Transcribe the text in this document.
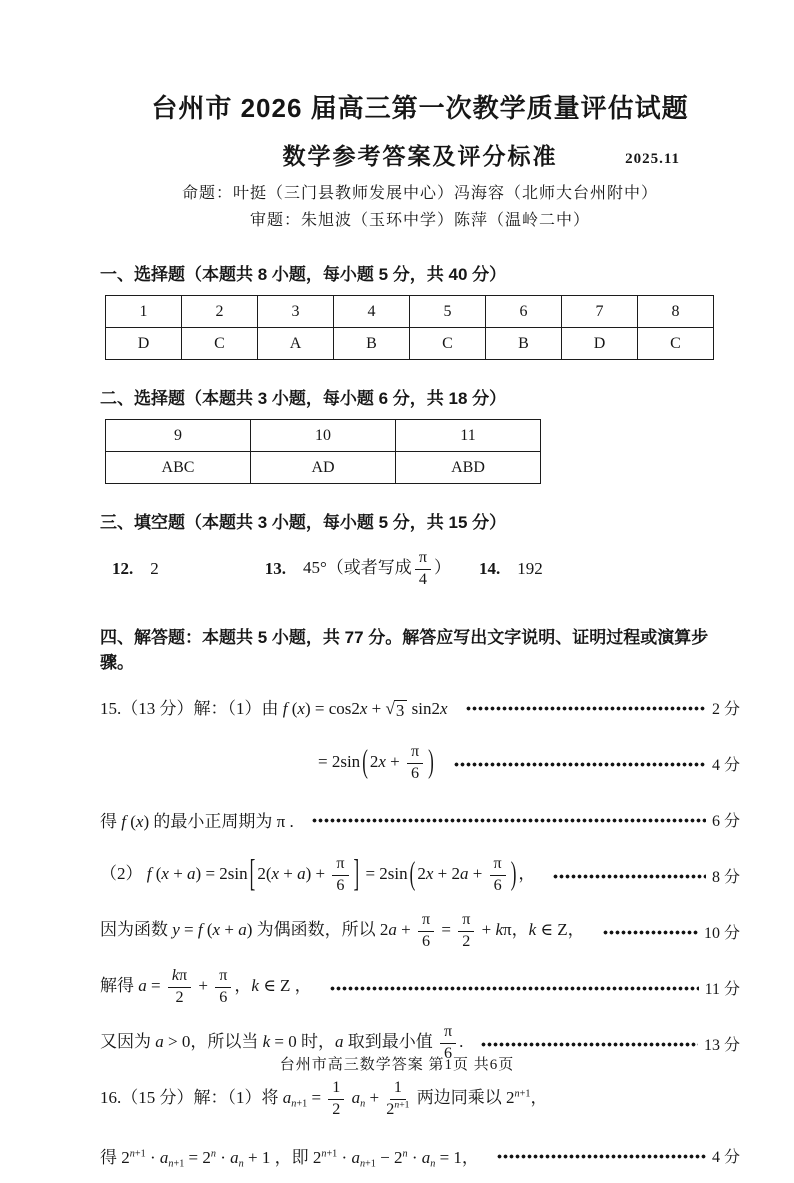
台州市 2026 届高三第一次教学质量评估试题
数学参考答案及评分标准	2025.11
命题：叶挺（三门县教师发展中心）冯海容（北师大台州附中）
审题：朱旭波（玉环中学）陈萍（温岭二中）
一、选择题（本题共 8 小题，每小题 5 分，共 40 分）
1	2	3	4	5	6	7	8
D	C	A	B	C	B	D	C
二、选择题（本题共 3 小题，每小题 6 分，共 18 分）
9	10	11
ABC	AD	ABD
三、填空题（本题共 3 小题，每小题 5 分，共 15 分）
12. 2	13. 45°（或者写成 $\frac{\pi}{4}$ ） 14. 192
四、解答题：本题共 5 小题，共 77 分。解答应写出文字说明、证明过程或演算步骤。
15.（13 分）解：（1）由 f (x) = cos2x + √ 3 sin2x	2 分
= 2sin ( $2x + \frac{\pi}{6}$ )	4 分
得 f (x) 的最小正周期为 π .	6 分
（2） f (x + a) = 2sin [ $2(x + a) + \frac{\pi}{6}$ ] = 2sin ( $2x + 2a + \frac{\pi}{6}$ ) ，	8 分
因为函数 y = f (x + a) 为偶函数，所以 $2a + \frac{\pi}{6} = \frac{\pi}{2} + k\pi$，k ∈ Z，	10 分
解得 $a = \frac{k\pi}{2} + \frac{\pi}{6}$ ，k ∈ Z ，	11 分
又因为 a > 0，所以当 k = 0 时，a 取到最小值 $\frac{\pi}{6}$ .	13 分
16.（15 分）解：（1）将 $a_{n+1} = \frac{1}{2} a_n + \frac{1}{2^{n+1}}$ 两边同乘以 $2^{n+1}$，
得 $2^{n+1} \cdot a_{n+1} = 2^n \cdot a_n + 1$ ，即 $2^{n+1} \cdot a_{n+1} - 2^n \cdot a_n = 1$，	4 分
台州市高三数学答案 第1页 共6页
